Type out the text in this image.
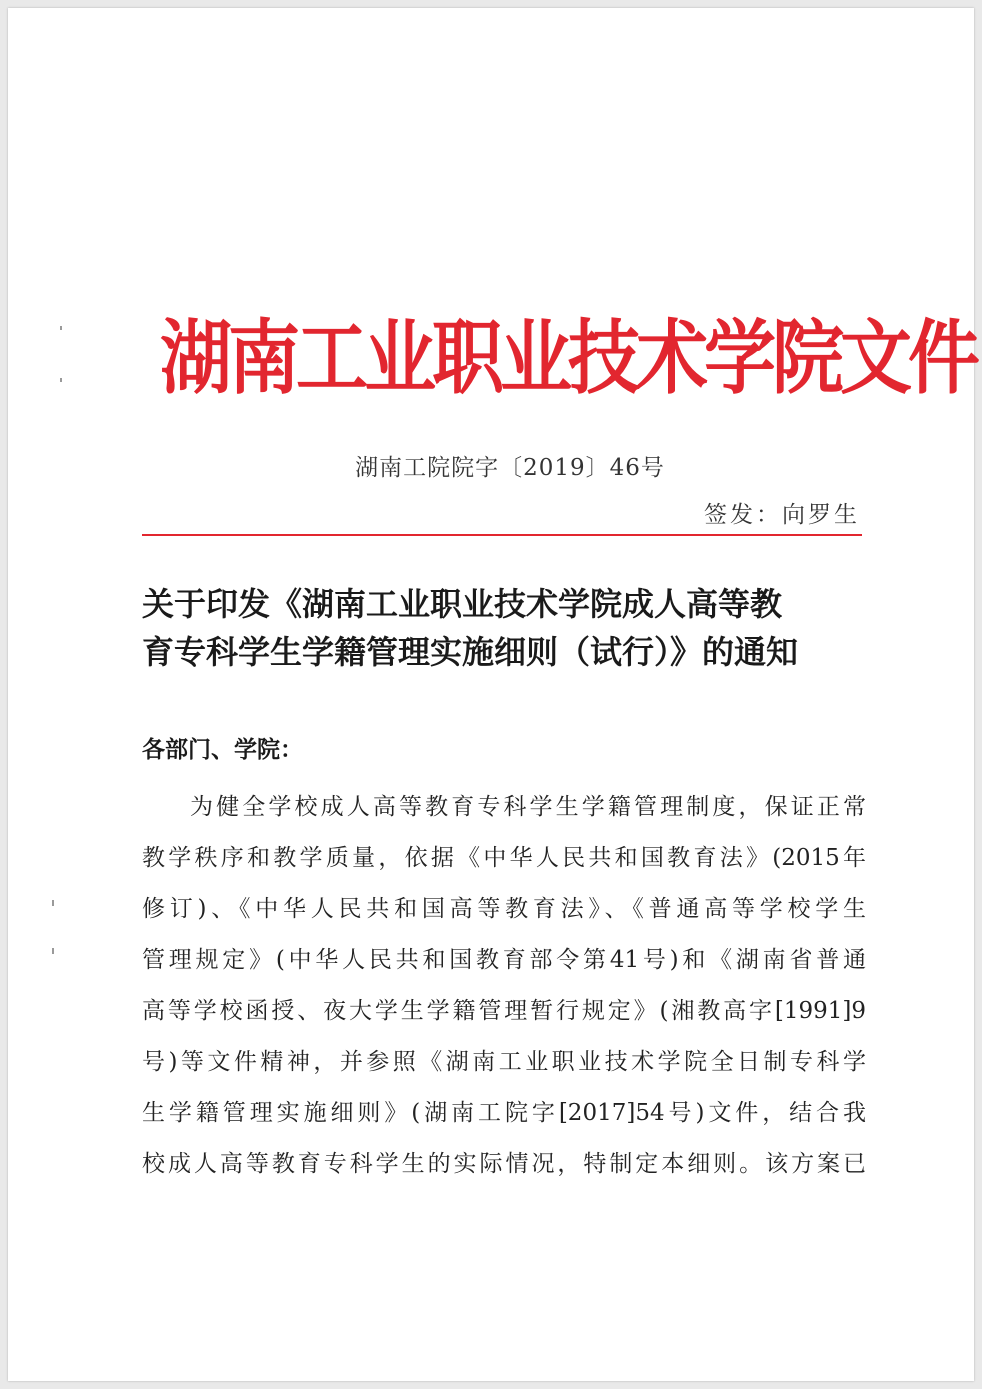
湖南工业职业技术学院文件
湖南工院院字〔2019〕46号
签发：向罗生
关于印发《湖南工业职业技术学院成人高等教
育专科学生学籍管理实施细则（试行）》的通知
各部门、学院：
为健全学校成人高等教育专科学生学籍管理制度，保证正常
教学秩序和教学质量，依据《中华人民共和国教育法》(2015年
修订)、《中华人民共和国高等教育法》、《普通高等学校学生
管理规定》(中华人民共和国教育部令第41号)和《湖南省普通
高等学校函授、夜大学生学籍管理暂行规定》(湘教高字[1991]9
号)等文件精神，并参照《湖南工业职业技术学院全日制专科学
生学籍管理实施细则》(湖南工院字[2017]54号)文件，结合我
校成人高等教育专科学生的实际情况，特制定本细则。该方案已
